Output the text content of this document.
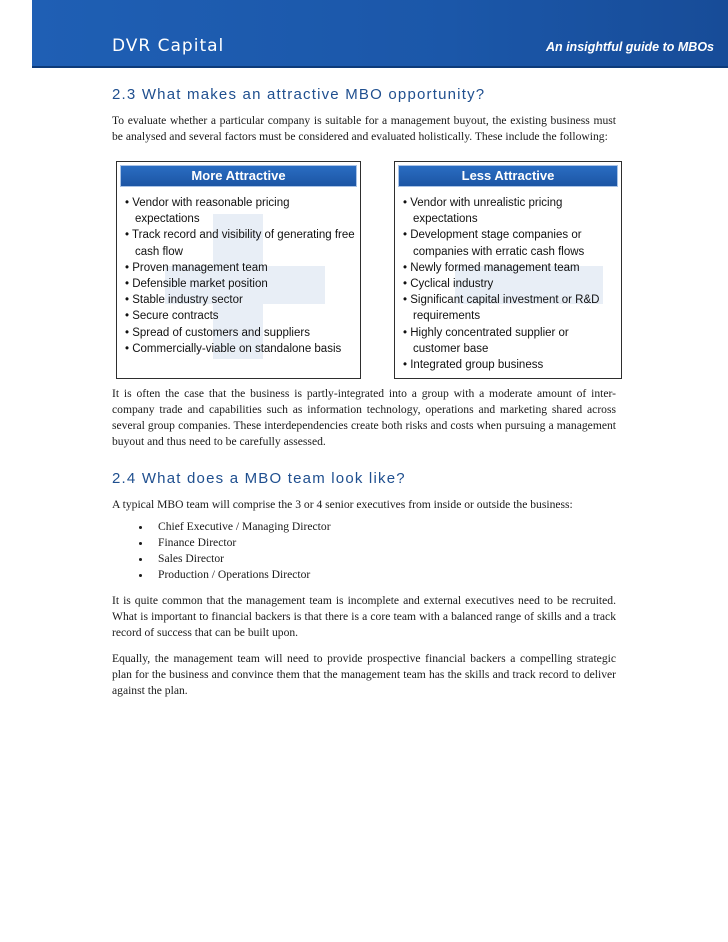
DVR Capital	An insightful guide to MBOs
2.3 What makes an attractive MBO opportunity?

To evaluate whether a particular company is suitable for a management buyout, the existing business must be analysed and several factors must be considered and evaluated holistically. These include the following:

More Attractive
• Vendor with reasonable pricing expectations
• Track record and visibility of generating free cash flow
• Proven management team
• Defensible market position
• Stable industry sector
• Secure contracts
• Spread of customers and suppliers
• Commercially-viable on standalone basis
Less Attractive
• Vendor with unrealistic pricing expectations
• Development stage companies or companies with erratic cash flows
• Newly formed management team
• Cyclical industry
• Significant capital investment or R&D requirements
• Highly concentrated supplier or customer base
• Integrated group business

It is often the case that the business is partly-integrated into a group with a moderate amount of inter-company trade and capabilities such as information technology, operations and marketing shared across several group companies. These interdependencies create both risks and costs when pursuing a management buyout and thus need to be carefully assessed.

2.4 What does a MBO team look like?

A typical MBO team will comprise the 3 or 4 senior executives from inside or outside the business:

• Chief Executive / Managing Director
• Finance Director
• Sales Director
• Production / Operations Director

It is quite common that the management team is incomplete and external executives need to be recruited. What is important to financial backers is that there is a core team with a balanced range of skills and a track record of success that can be built upon.

Equally, the management team will need to provide prospective financial backers a compelling strategic plan for the business and convince them that the management team has the skills and track record to deliver against the plan.
